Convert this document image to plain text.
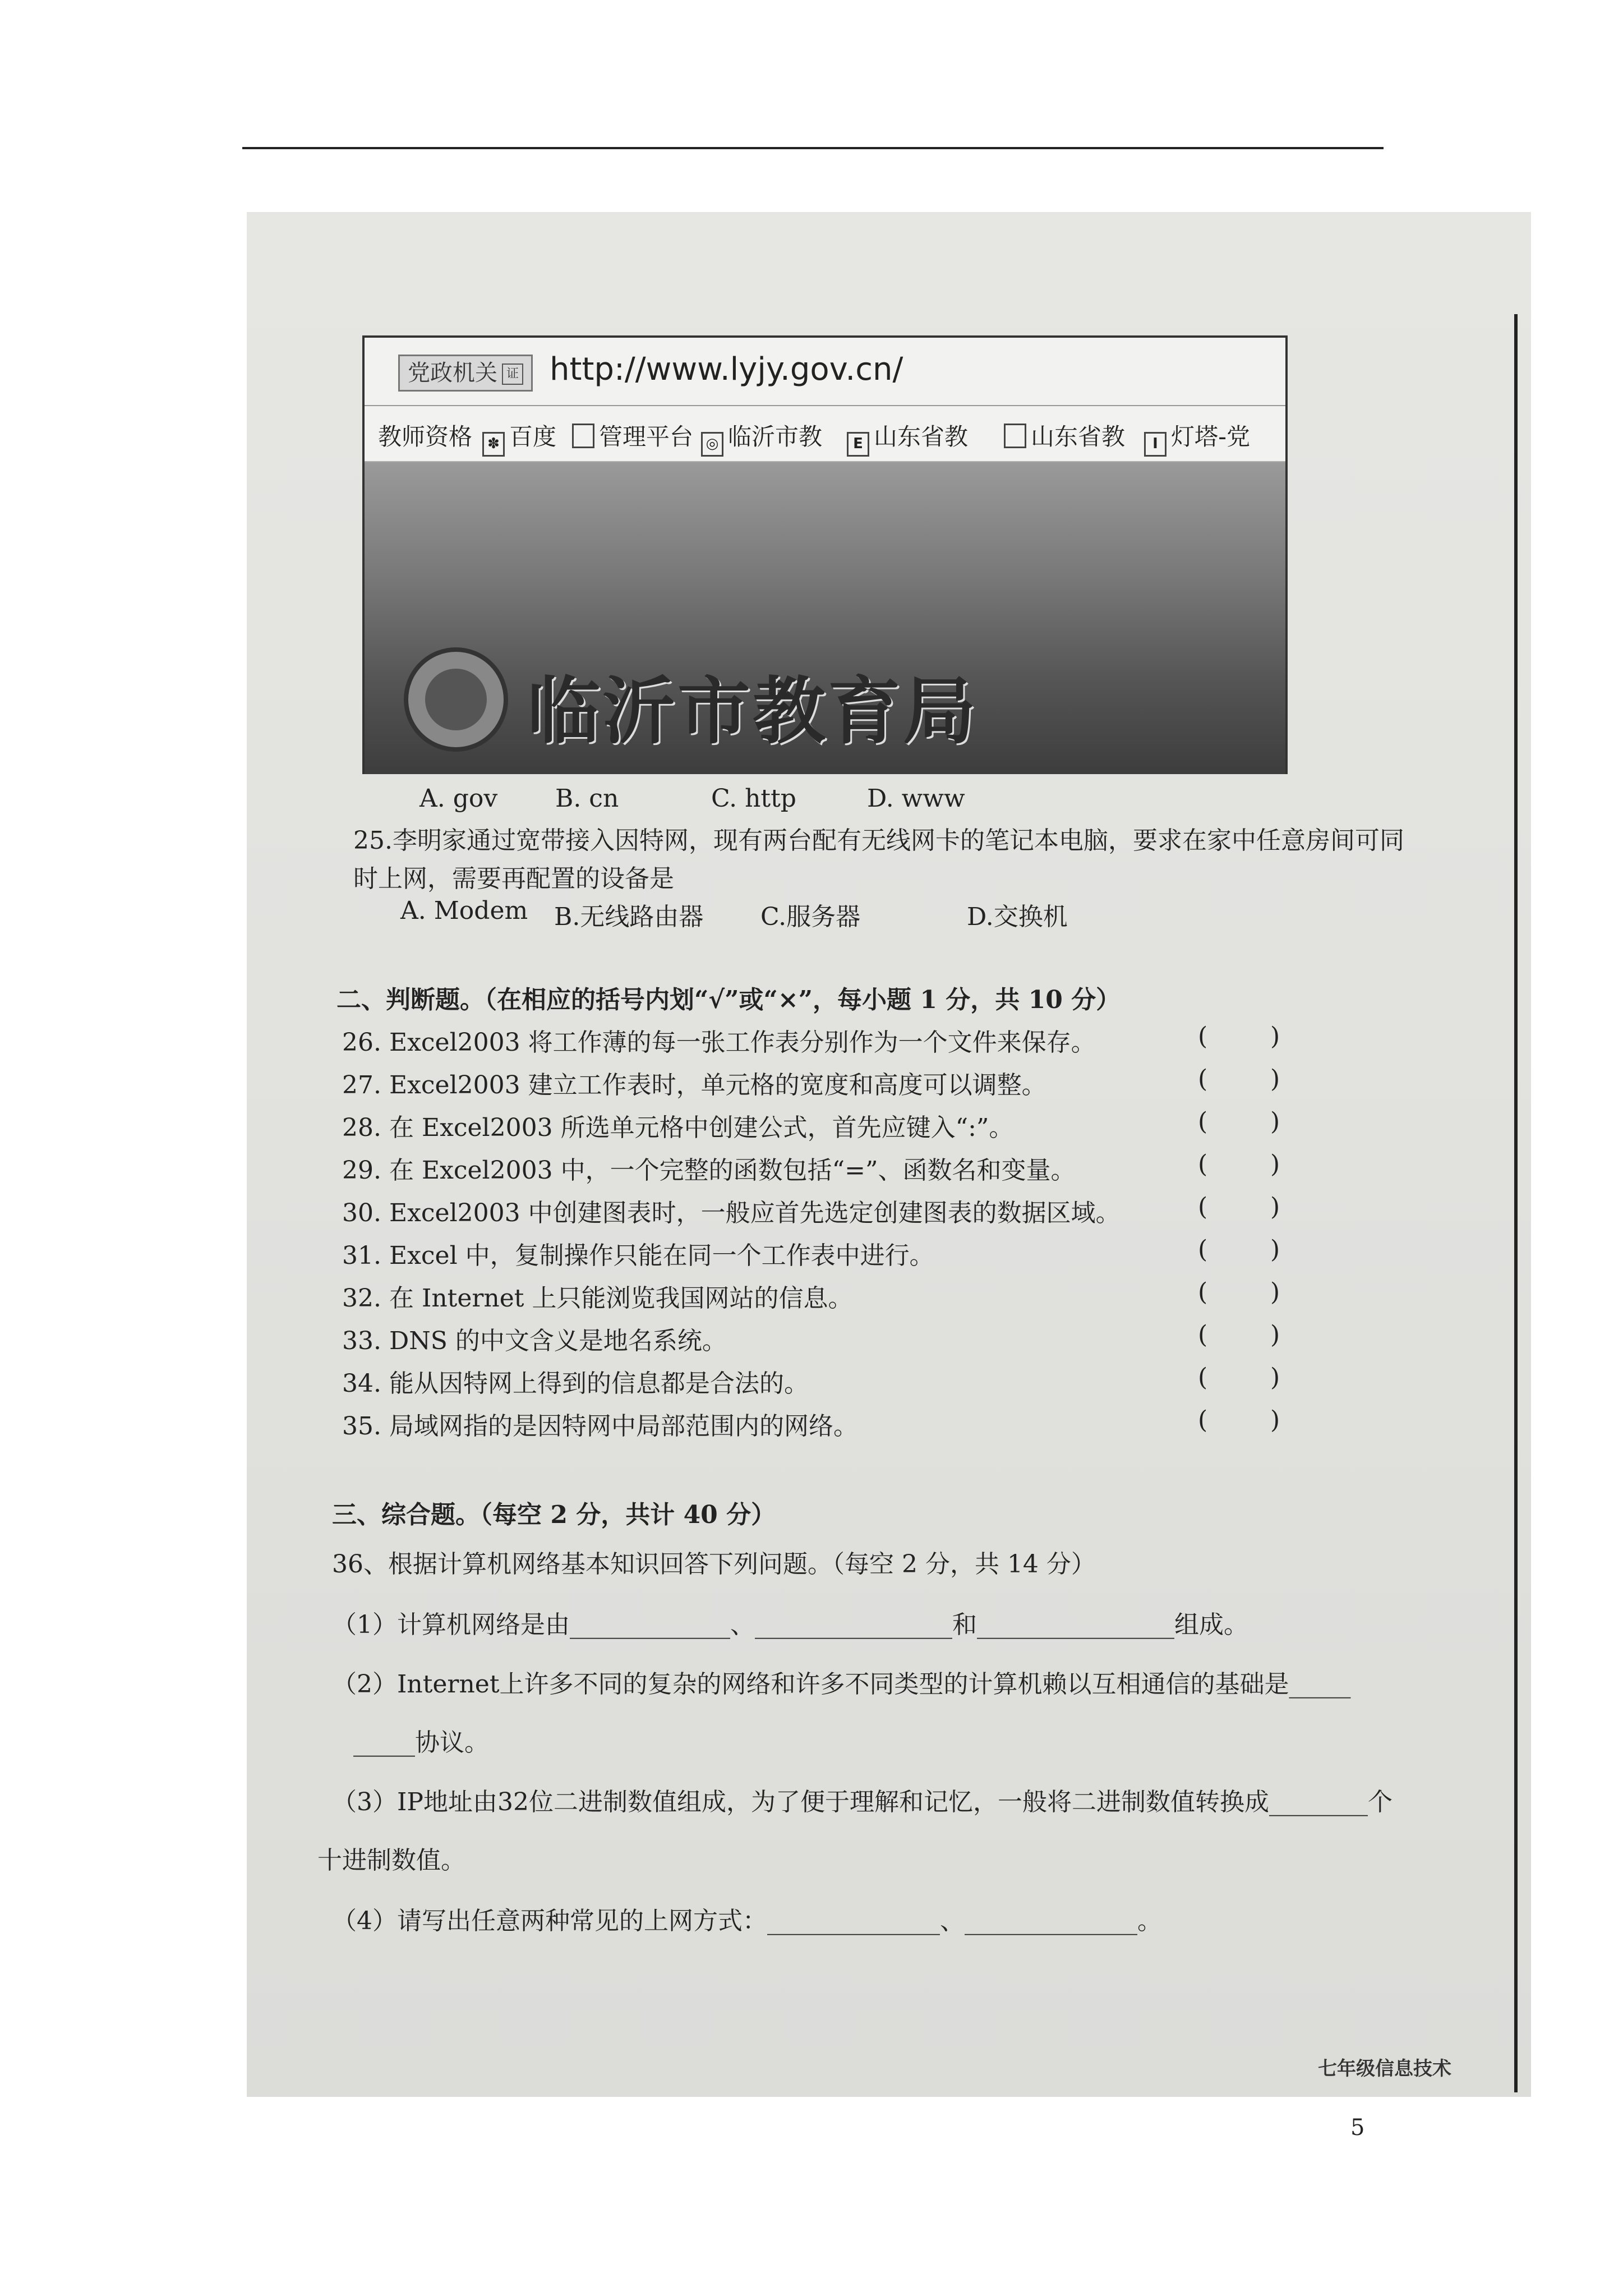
党政机关 证 http://www.lyjy.gov.cn/
教师资格	✽ 百度	管理平台 ◎ 临沂市教	E 山东省教	山东省教	I 灯塔-党
临沂市教育局
A. gov B. cn	C. http	D. www
25.李明家通过宽带接入因特网，现有两台配有无线网卡的笔记本电脑，要求在家中任意房间可同
时上网，需要再配置的设备是
A. Modem B.无线路由器 C.服务器	D.交换机
二、判断题。（在相应的括号内划“√”或“×”，每小题 1 分，共 10 分）
26. Excel2003 将工作薄的每一张工作表分别作为一个文件来保存。	(        )
27. Excel2003 建立工作表时，单元格的宽度和高度可以调整。	(        )
28. 在 Excel2003 所选单元格中创建公式，首先应键入“:”。	(        )
29. 在 Excel2003 中，一个完整的函数包括“=”、函数名和变量。	(        )
30. Excel2003 中创建图表时，一般应首先选定创建图表的数据区域。	(        )
31. Excel 中，复制操作只能在同一个工作表中进行。	(        )
32. 在 Internet 上只能浏览我国网站的信息。	(        )
33. DNS 的中文含义是地名系统。	(        )
34. 能从因特网上得到的信息都是合法的。	(        )
35. 局域网指的是因特网中局部范围内的网络。	(        )
三、综合题。（每空 2 分，共计 40 分）
36、根据计算机网络基本知识回答下列问题。（每空 2 分，共 14 分）
（1）计算机网络是由_____________、________________和________________组成。
（2）Internet上许多不同的复杂的网络和许多不同类型的计算机赖以互相通信的基础是_____
_____协议。
（3）IP地址由32位二进制数值组成，为了便于理解和记忆，一般将二进制数值转换成________个
十进制数值。
（4）请写出任意两种常见的上网方式：______________、______________。
七年级信息技术
5
